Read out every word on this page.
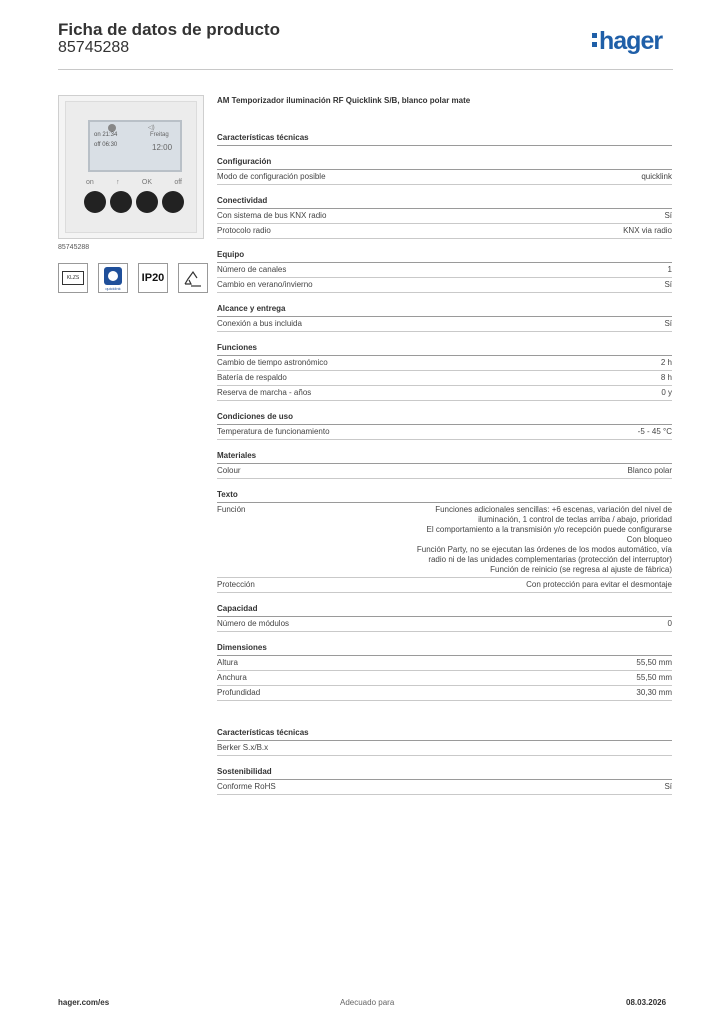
Ficha de datos de producto
85745288	hager
◁)
on 21:34
off 06:30
Freitag
12:00
on	↑	OK	off
85745288
KLZS
quicklink
IP20
AM Temporizador iluminación RF Quicklink S/B, blanco polar mate
Características técnicas
Configuración
Modo de configuración posible	quicklink
Conectividad
Con sistema de bus KNX radio	Sí
Protocolo radio	KNX via radio
Equipo
Número de canales	1
Cambio en verano/invierno	Sí
Alcance y entrega
Conexión a bus incluida	Sí
Funciones
Cambio de tiempo astronómico	2 h
Batería de respaldo	8 h
Reserva de marcha - años	0 y
Condiciones de uso
Temperatura de funcionamiento	-5 - 45 °C
Materiales
Colour	Blanco polar
Texto
Función	Funciones adicionales sencillas: +6 escenas, variación del nivel de
iluminación, 1 control de teclas arriba / abajo, prioridad
El comportamiento a la transmisión y/o recepción puede configurarse
Con bloqueo
Función Party, no se ejecutan las órdenes de los modos automático, vía
radio ni de las unidades complementarias (protección del interruptor)
Función de reinicio (se regresa al ajuste de fábrica)
Protección	Con protección para evitar el desmontaje
Capacidad
Número de módulos	0
Dimensiones
Altura	55,50 mm
Anchura	55,50 mm
Profundidad	30,30 mm
Características técnicas
Berker S.x/B.x
Sostenibilidad
Conforme RoHS	Sí
hager.com/es	Adecuado para	08.03.2026
